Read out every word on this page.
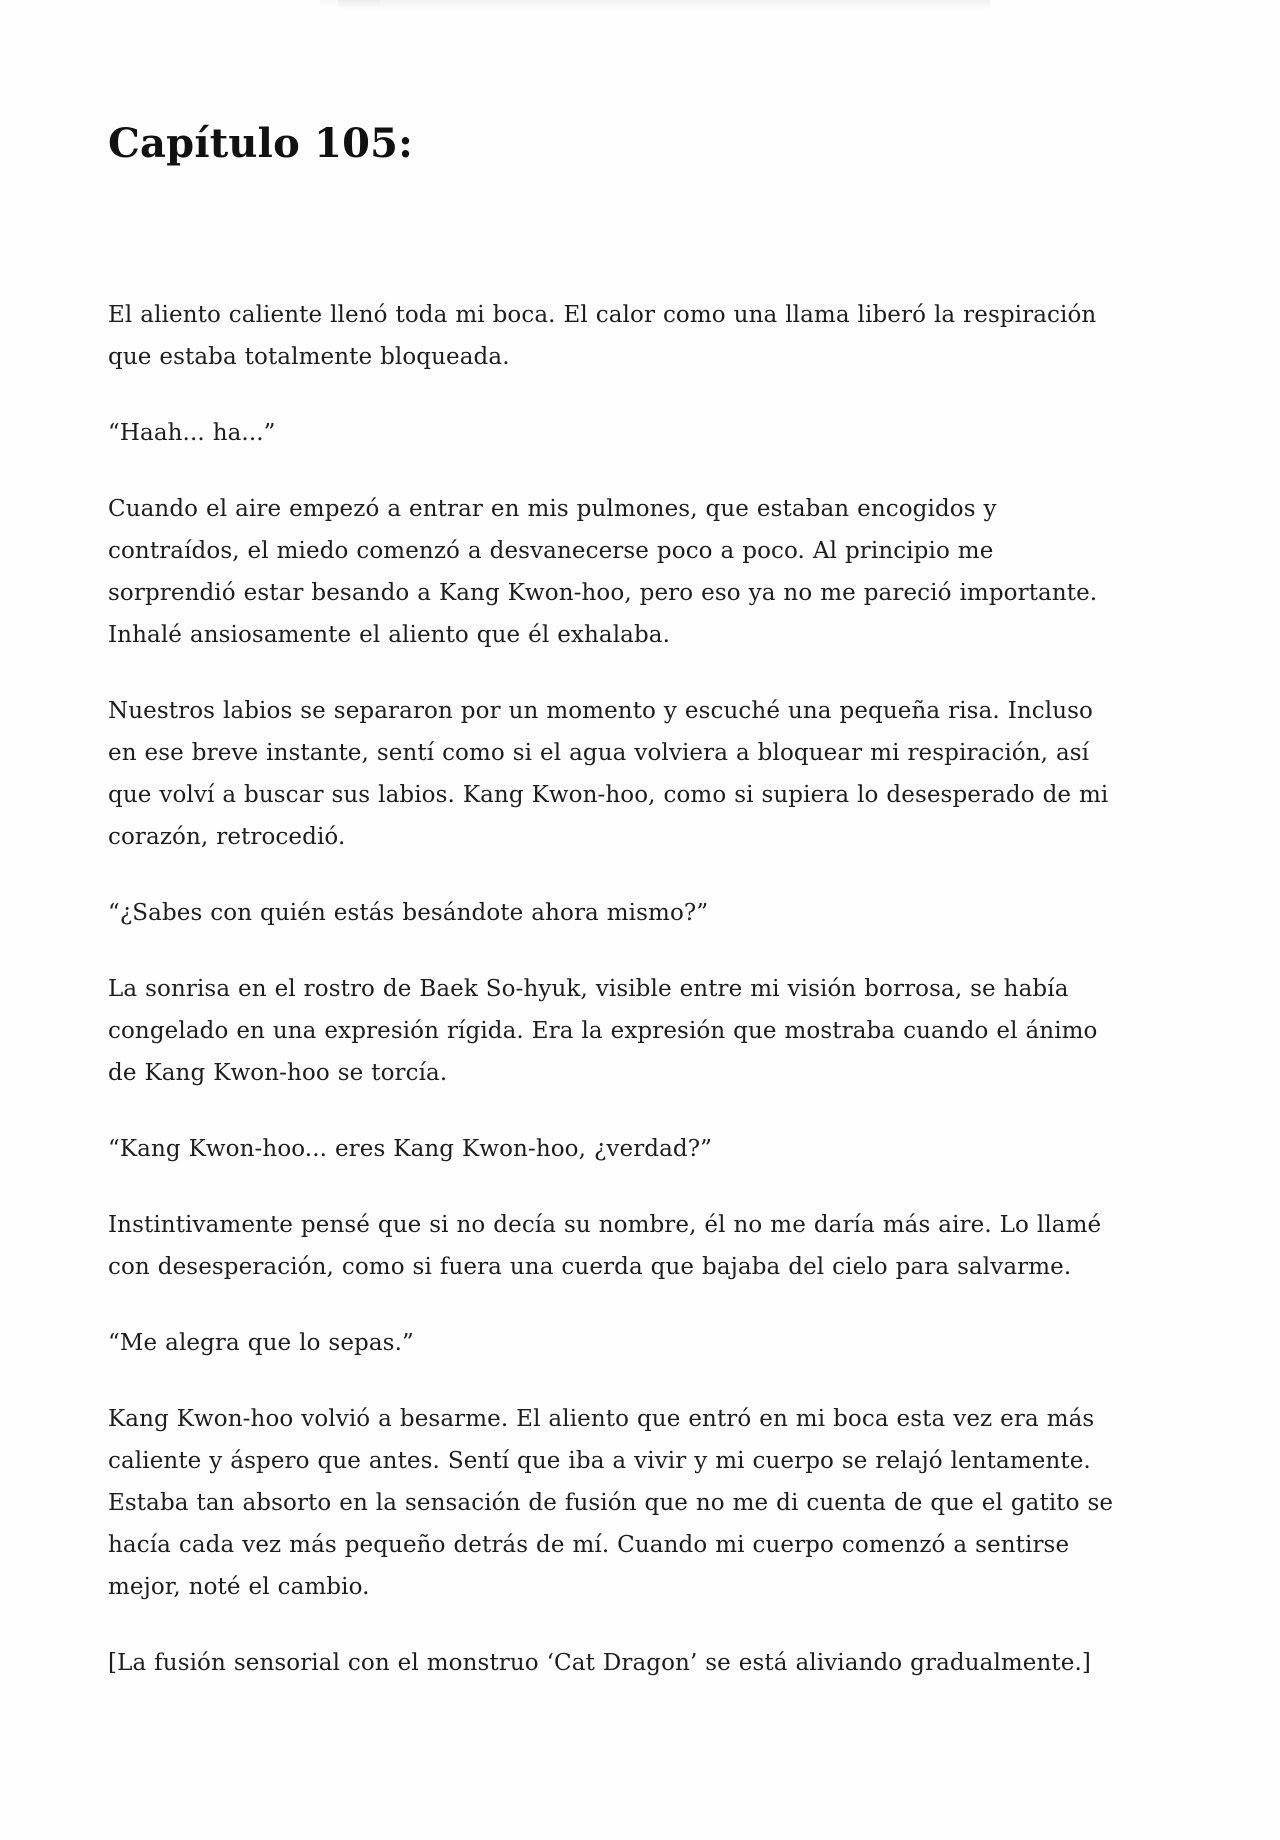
Capítulo 105:

El aliento caliente llenó toda mi boca. El calor como una llama liberó la respiración que estaba totalmente bloqueada.

“Haah... ha...”

Cuando el aire empezó a entrar en mis pulmones, que estaban encogidos y contraídos, el miedo comenzó a desvanecerse poco a poco. Al principio me sorprendió estar besando a Kang Kwon-hoo, pero eso ya no me pareció importante. Inhalé ansiosamente el aliento que él exhalaba.

Nuestros labios se separaron por un momento y escuché una pequeña risa. Incluso en ese breve instante, sentí como si el agua volviera a bloquear mi respiración, así que volví a buscar sus labios. Kang Kwon-hoo, como si supiera lo desesperado de mi corazón, retrocedió.

“¿Sabes con quién estás besándote ahora mismo?”

La sonrisa en el rostro de Baek So-hyuk, visible entre mi visión borrosa, se había congelado en una expresión rígida. Era la expresión que mostraba cuando el ánimo de Kang Kwon-hoo se torcía.

“Kang Kwon-hoo... eres Kang Kwon-hoo, ¿verdad?”

Instintivamente pensé que si no decía su nombre, él no me daría más aire. Lo llamé con desesperación, como si fuera una cuerda que bajaba del cielo para salvarme.

“Me alegra que lo sepas.”

Kang Kwon-hoo volvió a besarme. El aliento que entró en mi boca esta vez era más caliente y áspero que antes. Sentí que iba a vivir y mi cuerpo se relajó lentamente. Estaba tan absorto en la sensación de fusión que no me di cuenta de que el gatito se hacía cada vez más pequeño detrás de mí. Cuando mi cuerpo comenzó a sentirse mejor, noté el cambio.

[La fusión sensorial con el monstruo ‘Cat Dragon’ se está aliviando gradualmente.]
